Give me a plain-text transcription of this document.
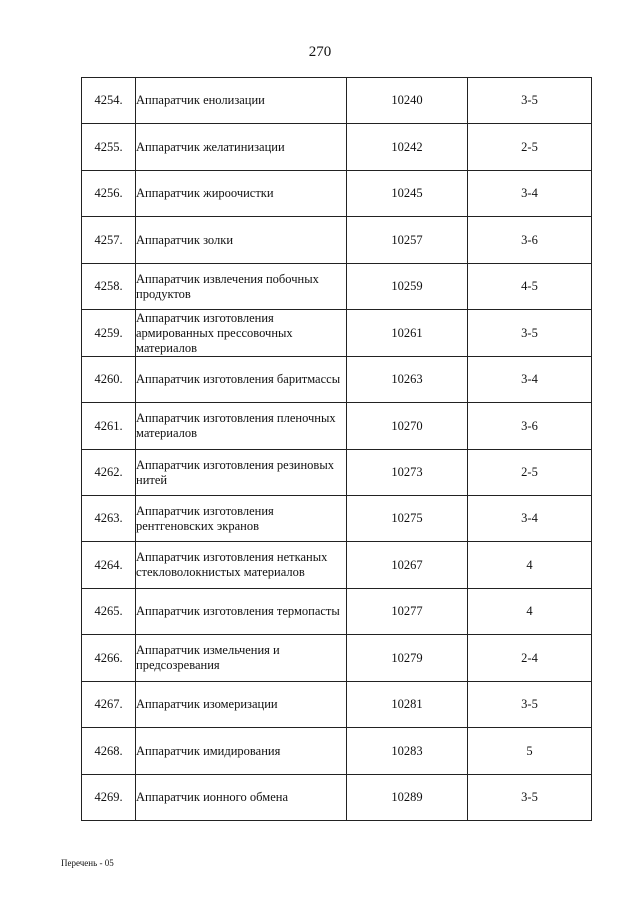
270
4254.	Аппаратчик енолизации	10240	3-5
4255.	Аппаратчик желатинизации	10242	2-5
4256.	Аппаратчик жироочистки	10245	3-4
4257.	Аппаратчик золки	10257	3-6
4258.	Аппаратчик извлечения побочных продуктов	10259	4-5
4259.	Аппаратчик изготовления армированных прессовочных материалов	10261	3-5
4260.	Аппаратчик изготовления баритмассы	10263	3-4
4261.	Аппаратчик изготовления пленочных материалов	10270	3-6
4262.	Аппаратчик изготовления резиновых нитей	10273	2-5
4263.	Аппаратчик изготовления рентгеновских экранов	10275	3-4
4264.	Аппаратчик изготовления нетканых стекловолокнистых материалов	10267	4
4265.	Аппаратчик изготовления термопасты	10277	4
4266.	Аппаратчик измельчения и предсозревания	10279	2-4
4267.	Аппаратчик изомеризации	10281	3-5
4268.	Аппаратчик имидирования	10283	5
4269.	Аппаратчик ионного обмена	10289	3-5
Перечень - 05
